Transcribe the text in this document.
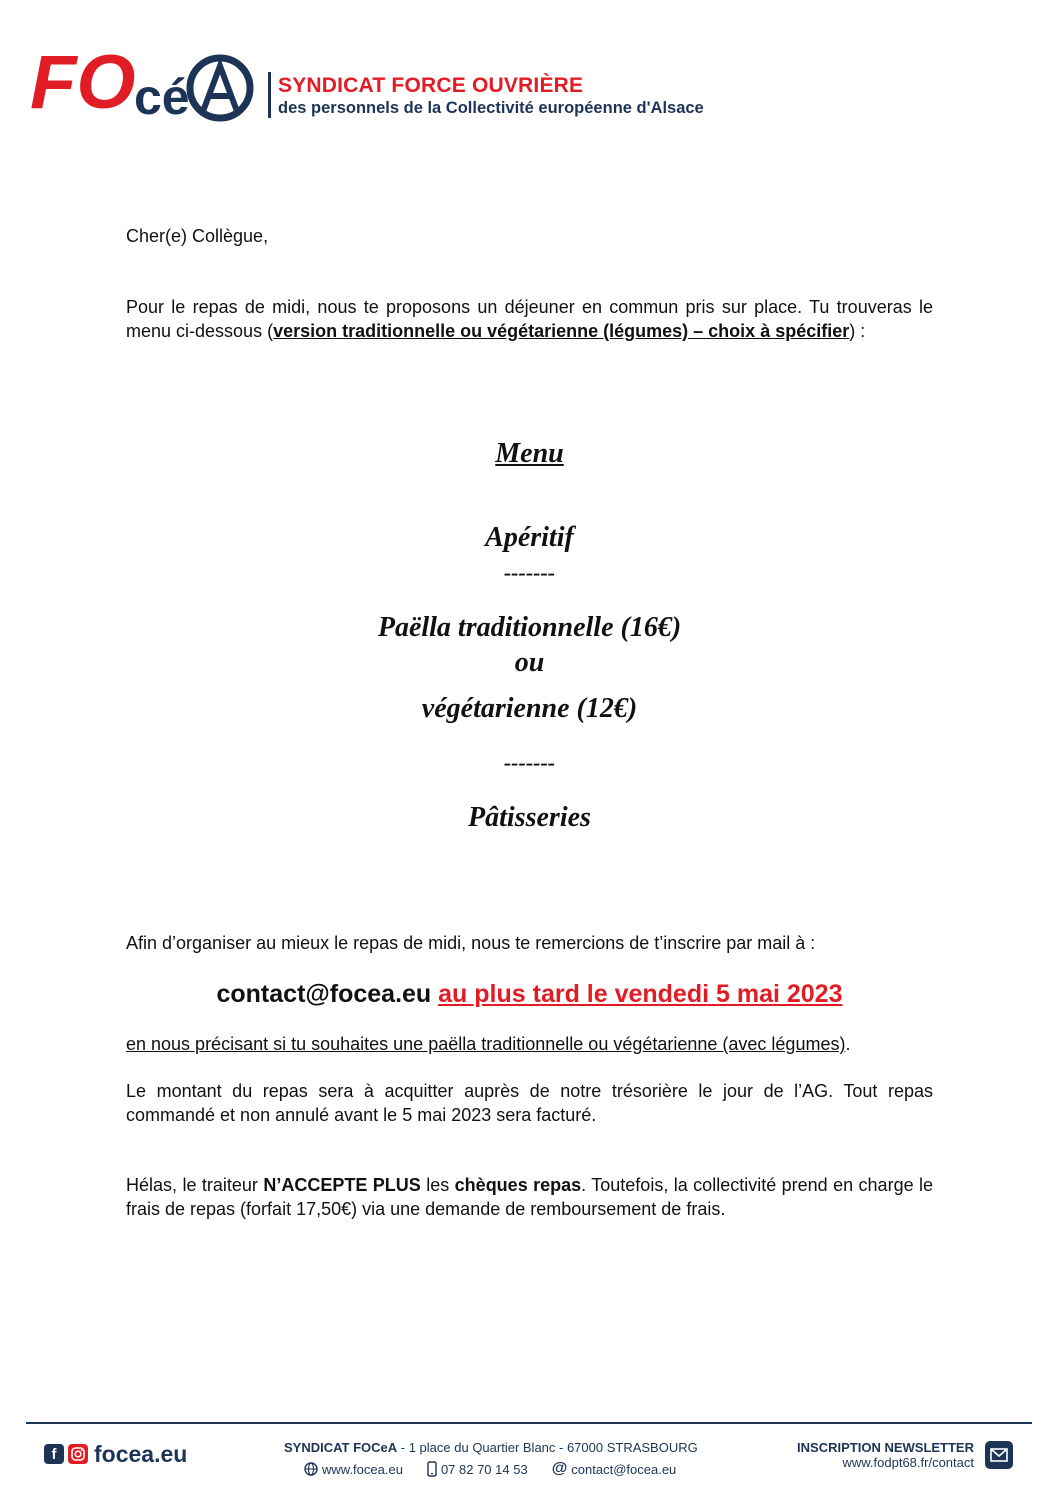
FO
cé	SYNDICAT FORCE OUVRIÈRE
des personnels de la Collectivité européenne d'Alsace
Cher(e) Collègue,
Pour le repas de midi, nous te proposons un déjeuner en commun pris sur place. Tu trouveras le menu ci-dessous (version traditionnelle ou végétarienne (légumes) – choix à spécifier) :
Menu
Apéritif
-------
Paëlla traditionnelle (16€)
ou
végétarienne (12€)
-------
Pâtisseries
Afin d’organiser au mieux le repas de midi, nous te remercions de t’inscrire par mail à :
contact@focea.eu au plus tard le vendedi 5 mai 2023
en nous précisant si tu souhaites une paëlla traditionnelle ou végétarienne (avec légumes).
Le montant du repas sera à acquitter auprès de notre trésorière le jour de l’AG. Tout repas commandé et non annulé avant le 5 mai 2023 sera facturé.
Hélas, le traiteur N’ACCEPTE PLUS les chèques repas. Toutefois, la collectivité prend en charge le frais de repas (forfait 17,50€) via une demande de remboursement de frais.
f	focea.eu	SYNDICAT FOCeA - 1 place du Quartier Blanc - 67000 STRASBOURG
www.focea.eu	07 82 70 14 53 @ contact@focea.eu
INSCRIPTION NEWSLETTER
www.fodpt68.fr/contact
